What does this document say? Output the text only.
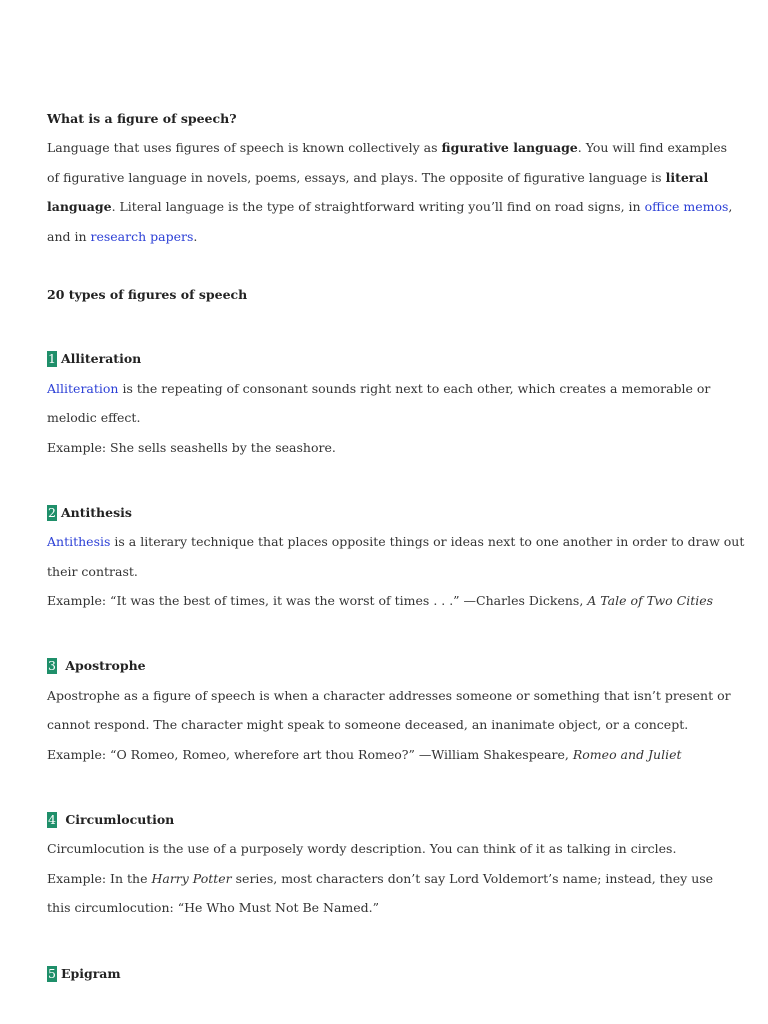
What is a figure of speech?
Language that uses figures of speech is known collectively as figurative language. You will find examples
of figurative language in novels, poems, essays, and plays. The opposite of figurative language is literal
language. Literal language is the type of straightforward writing you’ll find on road signs, in office memos,
and in research papers.
20 types of figures of speech
1 Alliteration
Alliteration is the repeating of consonant sounds right next to each other, which creates a memorable or
melodic effect.
Example: She sells seashells by the seashore.
2 Antithesis
Antithesis is a literary technique that places opposite things or ideas next to one another in order to draw out
their contrast.
Example: “It was the best of times, it was the worst of times . . .” —Charles Dickens, A Tale of Two Cities
3 Apostrophe
Apostrophe as a figure of speech is when a character addresses someone or something that isn’t present or
cannot respond. The character might speak to someone deceased, an inanimate object, or a concept.
Example: “O Romeo, Romeo, wherefore art thou Romeo?” —William Shakespeare, Romeo and Juliet
4 Circumlocution
Circumlocution is the use of a purposely wordy description. You can think of it as talking in circles.
Example: In the Harry Potter series, most characters don’t say Lord Voldemort’s name; instead, they use
this circumlocution: “He Who Must Not Be Named.”
5 Epigram
